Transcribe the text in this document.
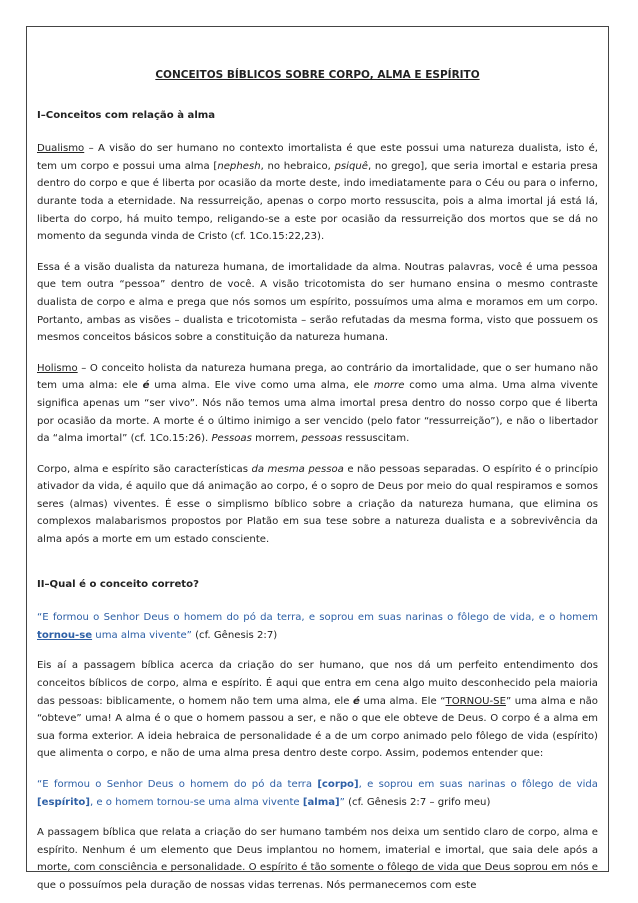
CONCEITOS BÍBLICOS SOBRE CORPO, ALMA E ESPÍRITO
I–Conceitos com relação à alma

Dualismo – A visão do ser humano no contexto imortalista é que este possui uma natureza dualista, isto é, tem um corpo e possui uma alma [nephesh, no hebraico, psiquê, no grego], que seria imortal e estaria presa dentro do corpo e que é liberta por ocasião da morte deste, indo imediatamente para o Céu ou para o inferno, durante toda a eternidade. Na ressurreição, apenas o corpo morto ressuscita, pois a alma imortal já está lá, liberta do corpo, há muito tempo, religando-se a este por ocasião da ressurreição dos mortos que se dá no momento da segunda vinda de Cristo (cf. 1Co.15:22,23).

Essa é a visão dualista da natureza humana, de imortalidade da alma. Noutras palavras, você é uma pessoa que tem outra “pessoa” dentro de você. A visão tricotomista do ser humano ensina o mesmo contraste dualista de corpo e alma e prega que nós somos um espírito, possuímos uma alma e moramos em um corpo. Portanto, ambas as visões – dualista e tricotomista – serão refutadas da mesma forma, visto que possuem os mesmos conceitos básicos sobre a constituição da natureza humana.

Holismo – O conceito holista da natureza humana prega, ao contrário da imortalidade, que o ser humano não tem uma alma: ele é uma alma. Ele vive como uma alma, ele morre como uma alma. Uma alma vivente significa apenas um “ser vivo”. Nós não temos uma alma imortal presa dentro do nosso corpo que é liberta por ocasião da morte. A morte é o último inimigo a ser vencido (pelo fator “ressurreição”), e não o libertador da “alma imortal” (cf. 1Co.15:26). Pessoas morrem, pessoas ressuscitam.

Corpo, alma e espírito são características da mesma pessoa e não pessoas separadas. O espírito é o princípio ativador da vida, é aquilo que dá animação ao corpo, é o sopro de Deus por meio do qual respiramos e somos seres (almas) viventes. É esse o simplismo bíblico sobre a criação da natureza humana, que elimina os complexos malabarismos propostos por Platão em sua tese sobre a natureza dualista e a sobrevivência da alma após a morte em um estado consciente.

II–Qual é o conceito correto?

“E formou o Senhor Deus o homem do pó da terra, e soprou em suas narinas o fôlego de vida, e o homem tornou-se uma alma vivente” (cf. Gênesis 2:7)

Eis aí a passagem bíblica acerca da criação do ser humano, que nos dá um perfeito entendimento dos conceitos bíblicos de corpo, alma e espírito. É aqui que entra em cena algo muito desconhecido pela maioria das pessoas: biblicamente, o homem não tem uma alma, ele é uma alma. Ele “TORNOU-SE” uma alma e não “obteve” uma! A alma é o que o homem passou a ser, e não o que ele obteve de Deus. O corpo é a alma em sua forma exterior. A ideia hebraica de personalidade é a de um corpo animado pelo fôlego de vida (espírito) que alimenta o corpo, e não de uma alma presa dentro deste corpo. Assim, podemos entender que:

“E formou o Senhor Deus o homem do pó da terra [corpo], e soprou em suas narinas o fôlego de vida [espírito], e o homem tornou-se uma alma vivente [alma]” (cf. Gênesis 2:7 – grifo meu)

A passagem bíblica que relata a criação do ser humano também nos deixa um sentido claro de corpo, alma e espírito. Nenhum é um elemento que Deus implantou no homem, imaterial e imortal, que saia dele após a morte, com consciência e personalidade. O espírito é tão somente o fôlego de vida que Deus soprou em nós e que o possuímos pela duração de nossas vidas terrenas. Nós permanecemos com este
